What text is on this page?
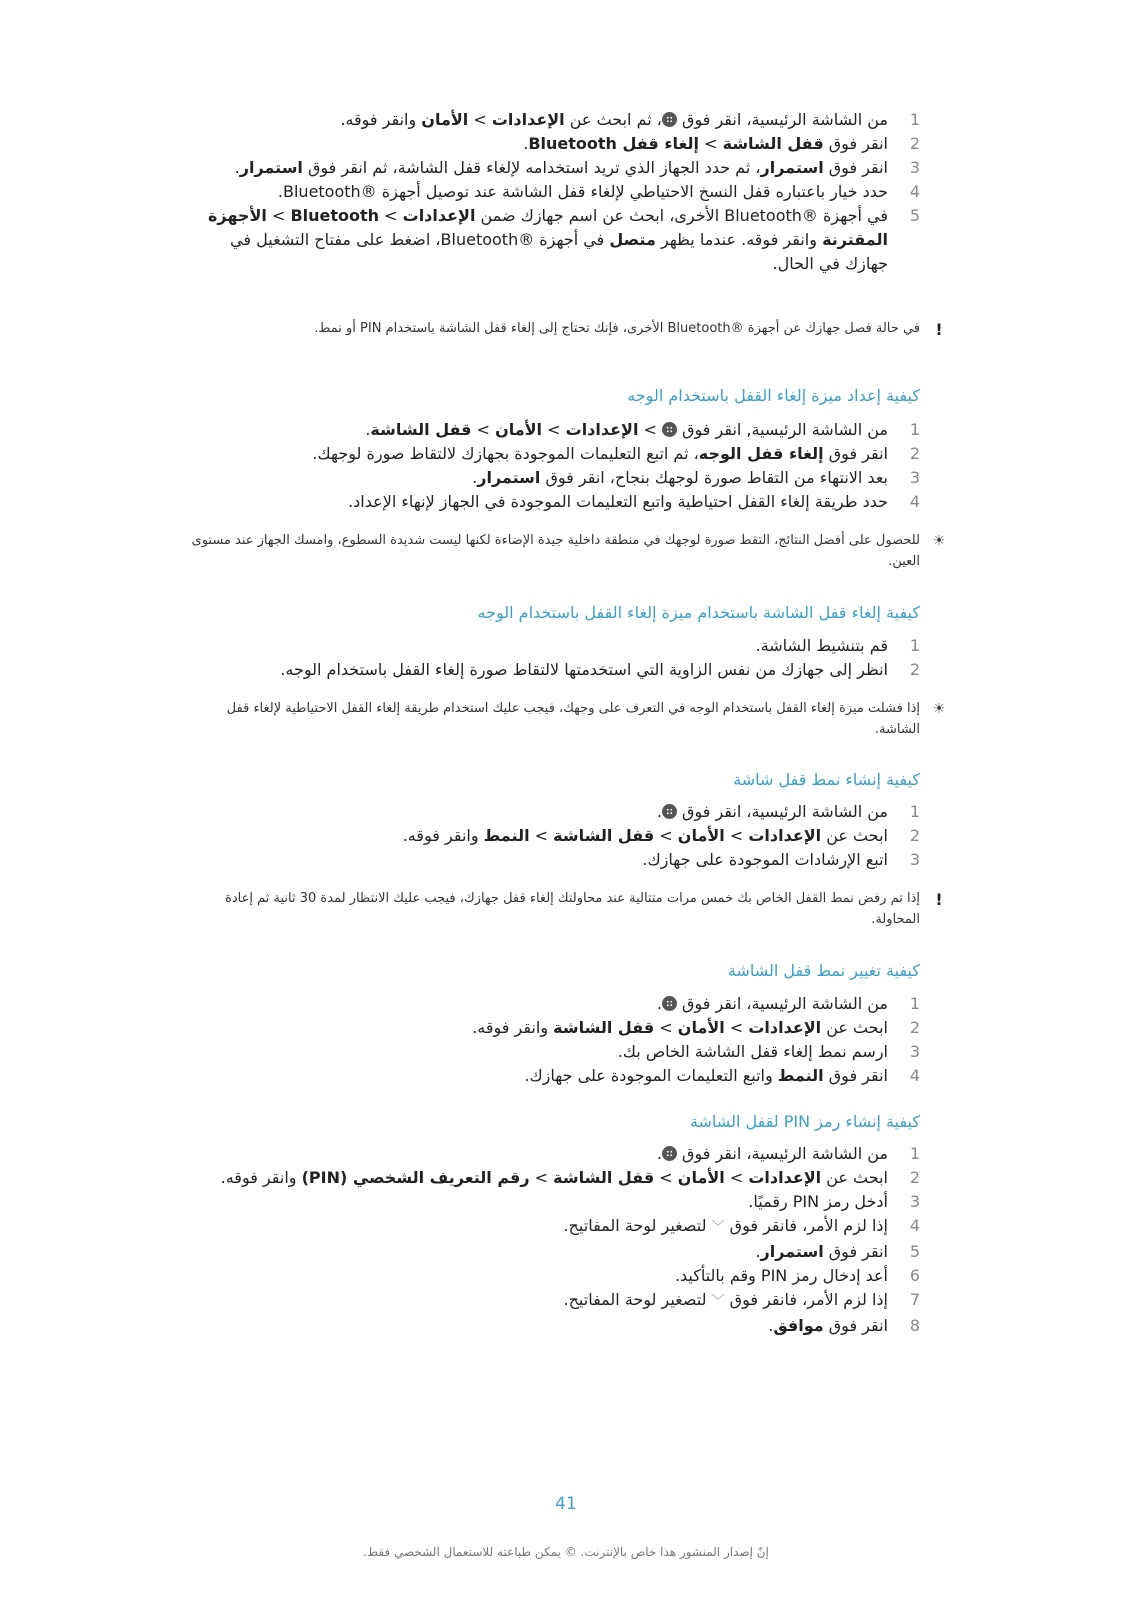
1
من الشاشة الرئيسية، انقر فوق ، ثم ابحث عن الإعدادات > الأمان وانقر فوقه.
2
انقر فوق قفل الشاشة > إلغاء قفل Bluetooth.
3
انقر فوق استمرار، ثم حدد الجهاز الذي تريد استخدامه لإلغاء قفل الشاشة، ثم انقر فوق استمرار.
4
حدد خيار باعتباره قفل النسخ الاحتياطي لإلغاء قفل الشاشة عند توصيل أجهزة ®Bluetooth.
5
في أجهزة ®Bluetooth الأخرى، ابحث عن اسم جهازك ضمن الإعدادات > Bluetooth > الأجهزة المقترنة وانقر فوقه. عندما يظهر متصل في أجهزة ®Bluetooth، اضغط على مفتاح التشغيل في جهازك في الحال.
!
في حالة فصل جهازك عن أجهزة ®Bluetooth الأخرى، فإنك تحتاج إلى إلغاء قفل الشاشة باستخدام PIN أو نمط.
كيفية إعداد ميزة إلغاء القفل باستخدام الوجه
1
من الشاشة الرئيسية, انقر فوق  > الإعدادات > الأمان > قفل الشاشة.
2
انقر فوق إلغاء قفل الوجه، ثم اتبع التعليمات الموجودة بجهازك لالتقاط صورة لوجهك.
3
بعد الانتهاء من التقاط صورة لوجهك بنجاح، انقر فوق استمرار.
4
حدد طريقة إلغاء القفل احتياطية واتبع التعليمات الموجودة في الجهاز لإنهاء الإعداد.
☀
للحصول على أفضل النتائج، التقط صورة لوجهك في منطقة داخلية جيدة الإضاءة لكنها ليست شديدة السطوع، وامسك الجهاز عند مستوى العين.
كيفية إلغاء قفل الشاشة باستخدام ميزة إلغاء القفل باستخدام الوجه
1
قم بتنشيط الشاشة.
2
انظر إلى جهازك من نفس الزاوية التي استخدمتها لالتقاط صورة إلغاء القفل باستخدام الوجه.
☀
إذا فشلت ميزة إلغاء القفل باستخدام الوجه في التعرف على وجهك، فيجب عليك استخدام طريقة إلغاء القفل الاحتياطية لإلغاء قفل الشاشة.
كيفية إنشاء نمط قفل شاشة
1
من الشاشة الرئيسية، انقر فوق .
2
ابحث عن الإعدادات > الأمان > قفل الشاشة > النمط وانقر فوقه.
3
اتبع الإرشادات الموجودة على جهازك.
!
إذا تم رفض نمط القفل الخاص بك خمس مرات متتالية عند محاولتك إلغاء قفل جهازك، فيجب عليك الانتظار لمدة 30 ثانية ثم إعادة المحاولة.
كيفية تغيير نمط قفل الشاشة
1
من الشاشة الرئيسية، انقر فوق .
2
ابحث عن الإعدادات > الأمان > قفل الشاشة وانقر فوقه.
3
ارسم نمط إلغاء قفل الشاشة الخاص بك.
4
انقر فوق النمط واتبع التعليمات الموجودة على جهازك.
كيفية إنشاء رمز PIN لقفل الشاشة
1
من الشاشة الرئيسية، انقر فوق .
2
ابحث عن الإعدادات > الأمان > قفل الشاشة > رقم التعريف الشخصي (PIN) وانقر فوقه.
3
أدخل رمز PIN رقميًا.
4
إذا لزم الأمر، فانقر فوق ﹀ لتصغير لوحة المفاتيح.
5
انقر فوق استمرار.
6
أعد إدخال رمز PIN وقم بالتأكيد.
7
إذا لزم الأمر، فانقر فوق ﹀ لتصغير لوحة المفاتيح.
8
انقر فوق موافق.
41
إنّ إصدار المنشور هذا خاص بالإنترنت. © يمكن طباعته للاستعمال الشخصي فقط.
